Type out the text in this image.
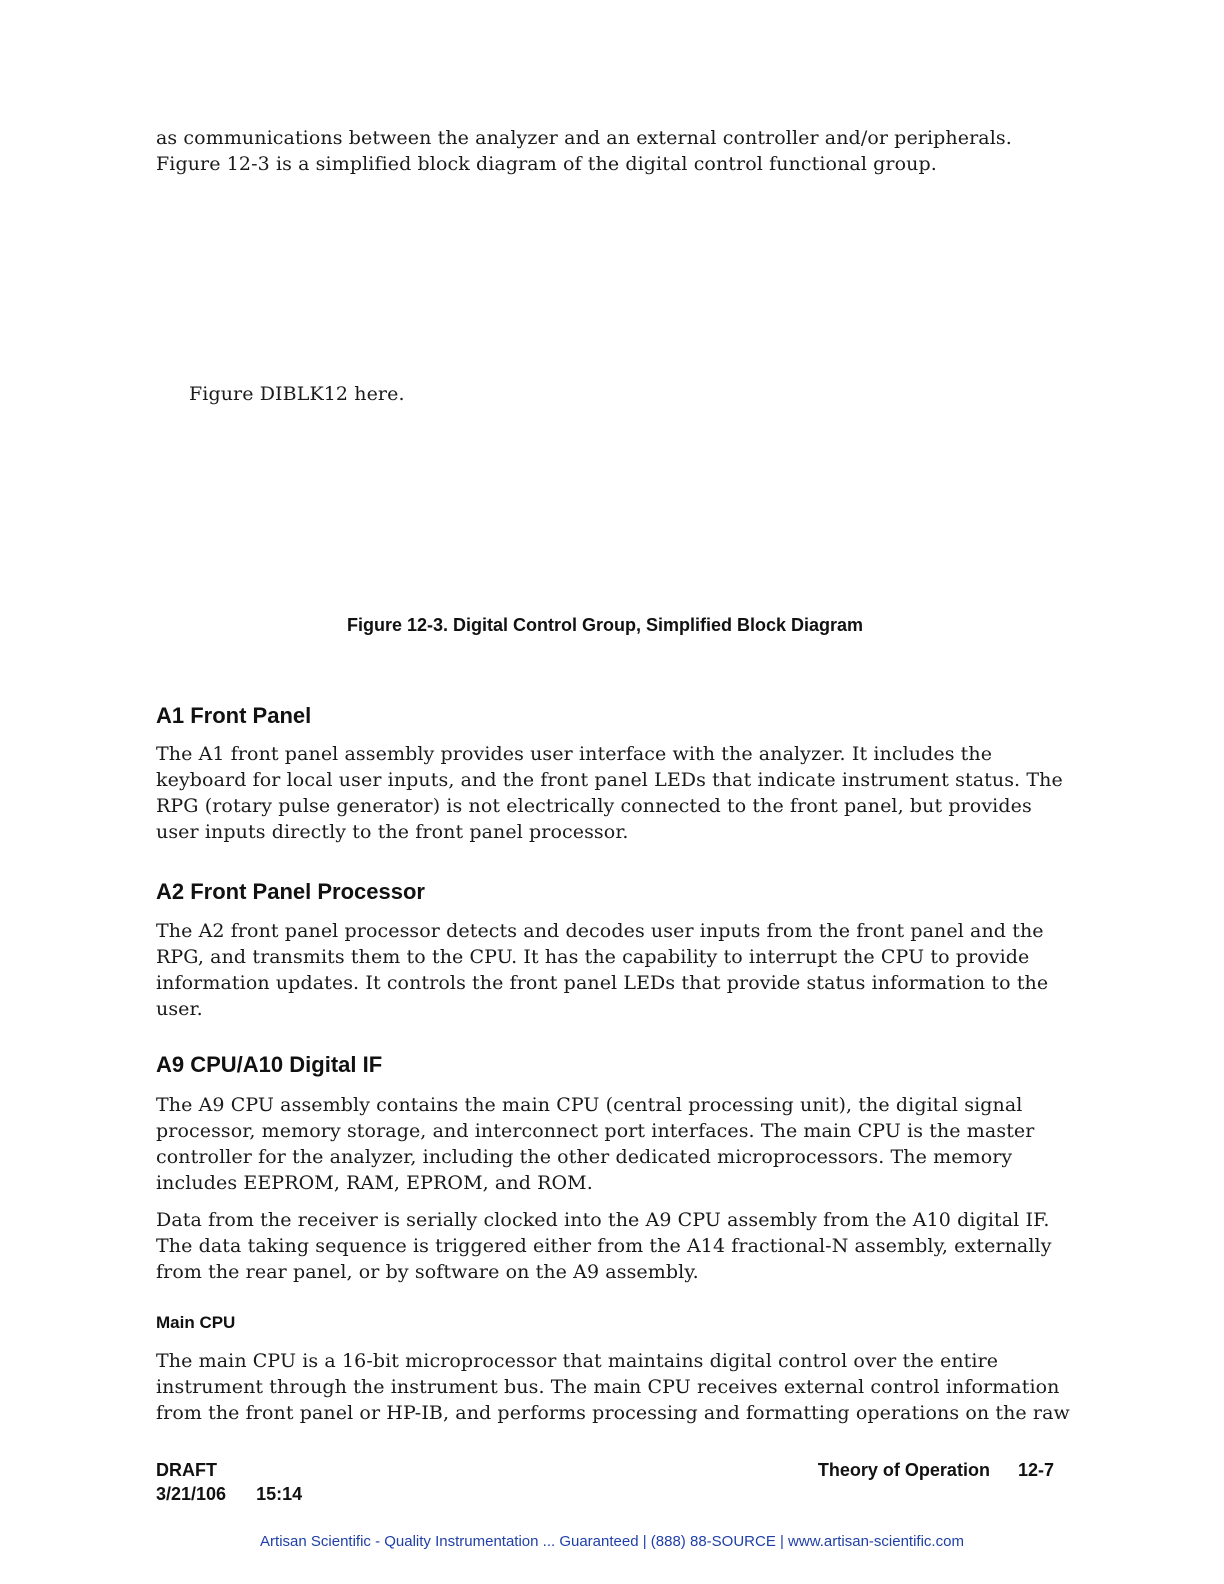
as communications between the analyzer and an external controller and/or peripherals.
Figure 12-3 is a simplified block diagram of the digital control functional group.
Figure DIBLK12 here.
Figure 12-3. Digital Control Group, Simplified Block Diagram
A1 Front Panel
The A1 front panel assembly provides user interface with the analyzer. It includes the
keyboard for local user inputs, and the front panel LEDs that indicate instrument status. The
RPG (rotary pulse generator) is not electrically connected to the front panel, but provides
user inputs directly to the front panel processor.
A2 Front Panel Processor
The A2 front panel processor detects and decodes user inputs from the front panel and the
RPG, and transmits them to the CPU. It has the capability to interrupt the CPU to provide
information updates. It controls the front panel LEDs that provide status information to the
user.
A9 CPU/A10 Digital IF
The A9 CPU assembly contains the main CPU (central processing unit), the digital signal
processor, memory storage, and interconnect port interfaces. The main CPU is the master
controller for the analyzer, including the other dedicated microprocessors. The memory
includes EEPROM, RAM, EPROM, and ROM.
Data from the receiver is serially clocked into the A9 CPU assembly from the A10 digital IF.
The data taking sequence is triggered either from the A14 fractional-N assembly, externally
from the rear panel, or by software on the A9 assembly.
Main CPU
The main CPU is a 16-bit microprocessor that maintains digital control over the entire
instrument through the instrument bus. The main CPU receives external control information
from the front panel or HP-IB, and performs processing and formatting operations on the raw
DRAFT
3/21/106 15:14
Theory of Operation 12-7
Artisan Scientific - Quality Instrumentation ... Guaranteed | (888) 88-SOURCE | www.artisan-scientific.com
